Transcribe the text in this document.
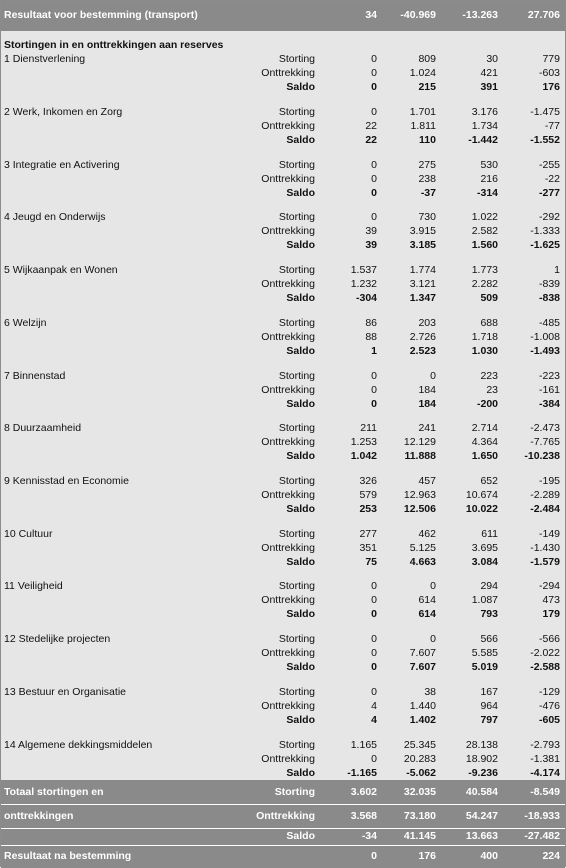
Resultaat voor bestemming (transport)	34 -40.969	-13.263	27.706
Stortingen in en onttrekkingen aan reserves
1 Dienstverlening	Storting	0	809	30	779
Onttrekking	0	1.024	421	-603
Saldo	0	215	391	176
2 Werk, Inkomen en Zorg	Storting	0	1.701	3.176	-1.475
Onttrekking	22	1.811	1.734	-77
Saldo	22	110	-1.442	-1.552
3 Integratie en Activering	Storting	0	275	530	-255
Onttrekking	0	238	216	-22
Saldo	0	-37	-314	-277
4 Jeugd en Onderwijs	Storting	0	730	1.022	-292
Onttrekking	39	3.915	2.582	-1.333
Saldo	39	3.185	1.560	-1.625
5 Wijkaanpak en Wonen	Storting	1.537	1.774	1.773	1
Onttrekking	1.232	3.121	2.282	-839
Saldo	-304	1.347	509	-838
6 Welzijn	Storting	86	203	688	-485
Onttrekking	88	2.726	1.718	-1.008
Saldo	1	2.523	1.030	-1.493
7 Binnenstad	Storting	0	0	223	-223
Onttrekking	0	184	23	-161
Saldo	0	184	-200	-384
8 Duurzaamheid	Storting	211	241	2.714	-2.473
Onttrekking	1.253	12.129	4.364	-7.765
Saldo	1.042	11.888	1.650	-10.238
9 Kennisstad en Economie	Storting	326	457	652	-195
Onttrekking	579	12.963	10.674	-2.289
Saldo	253	12.506	10.022	-2.484
10 Cultuur	Storting	277	462	611	-149
Onttrekking	351	5.125	3.695	-1.430
Saldo	75	4.663	3.084	-1.579
11 Veiligheid	Storting	0	0	294	-294
Onttrekking	0	614	1.087	473
Saldo	0	614	793	179
12 Stedelijke projecten	Storting	0	0	566	-566
Onttrekking	0	7.607	5.585	-2.022
Saldo	0	7.607	5.019	-2.588
13 Bestuur en Organisatie	Storting	0	38	167	-129
Onttrekking	4	1.440	964	-476
Saldo	4	1.402	797	-605
14 Algemene dekkingsmiddelen	Storting	1.165	25.345	28.138	-2.793
Onttrekking	0	20.283	18.902	-1.381
Saldo	-1.165	-5.062	-9.236	-4.174
Totaal stortingen en	Storting	3.602	32.035	40.584	-8.549
onttrekkingen	Onttrekking	3.568	73.180	54.247	-18.933
Saldo	-34	41.145	13.663	-27.482
Resultaat na bestemming	0	176	400	224
